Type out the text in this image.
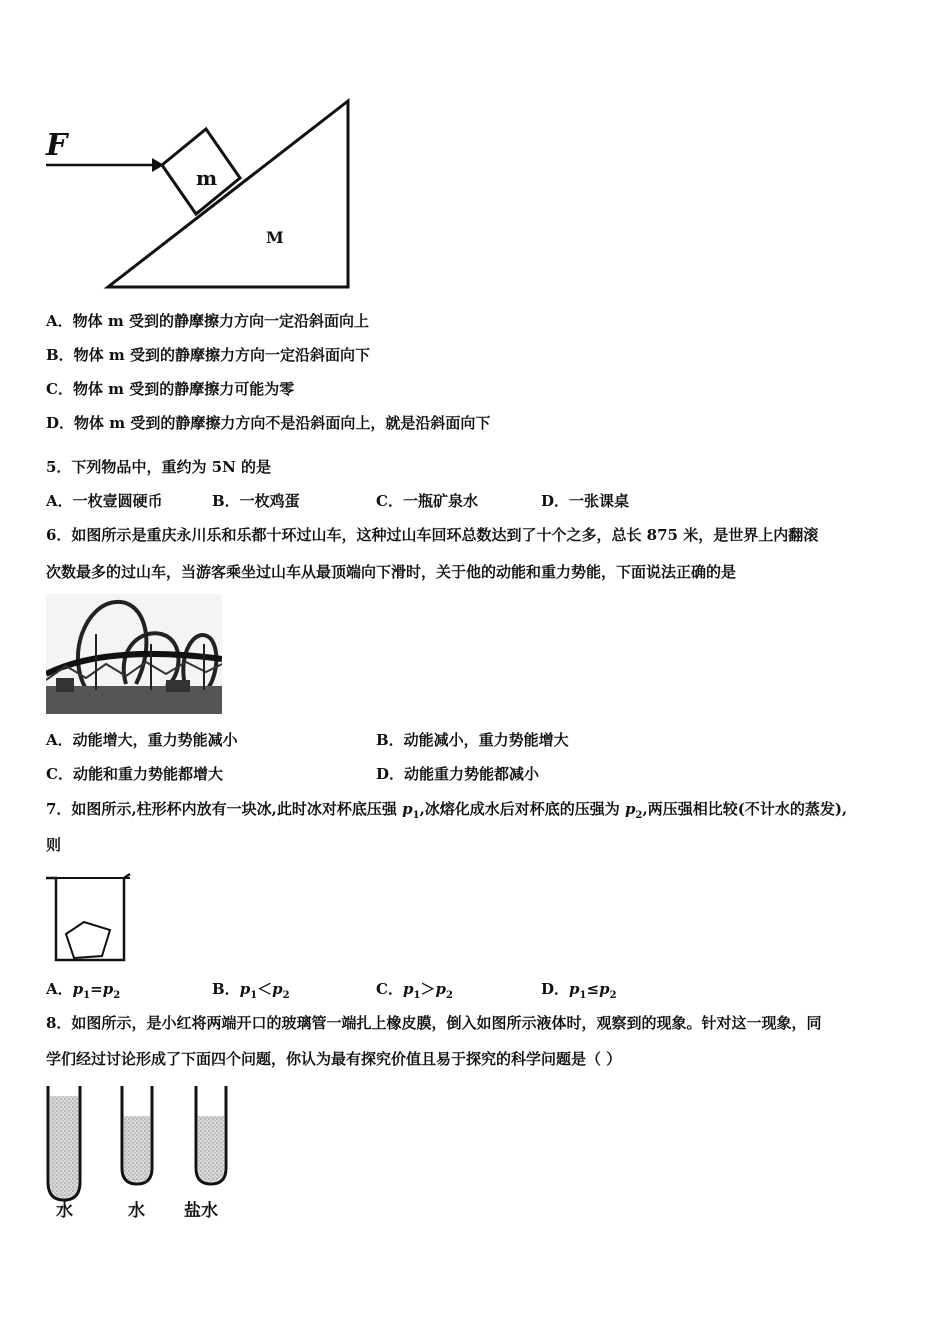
F
m
M
A．物体 m 受到的静摩擦力方向一定沿斜面向上
B．物体 m 受到的静摩擦力方向一定沿斜面向下
C．物体 m 受到的静摩擦力可能为零
D．物体 m 受到的静摩擦力方向不是沿斜面向上，就是沿斜面向下
5．下列物品中，重约为 5N 的是
A．一枚壹圆硬币	B．一枚鸡蛋	C．一瓶矿泉水	D．一张课桌
6．如图所示是重庆永川乐和乐都十环过山车，这种过山车回环总数达到了十个之多，总长 875 米，是世界上内翻滚
次数最多的过山车，当游客乘坐过山车从最顶端向下滑时，关于他的动能和重力势能，下面说法正确的是
A．动能增大，重力势能减小	B．动能减小，重力势能增大
C．动能和重力势能都增大	D．动能重力势能都减小
7．如图所示,柱形杯内放有一块冰,此时冰对杯底压强 $p_1$,冰熔化成水后对杯底的压强为 $p_2$,两压强相比较(不计水的蒸发),
则
A．$p_1=p_2$	B．$p_1<p_2$	C．$p_1>p_2$	D．$p_1\le p_2$
8．如图所示，是小红将两端开口的玻璃管一端扎上橡皮膜，倒入如图所示液体时，观察到的现象。针对这一现象，同
学们经过讨论形成了下面四个问题，你认为最有探究价值且易于探究的科学问题是（ ）
水	水 盐水
